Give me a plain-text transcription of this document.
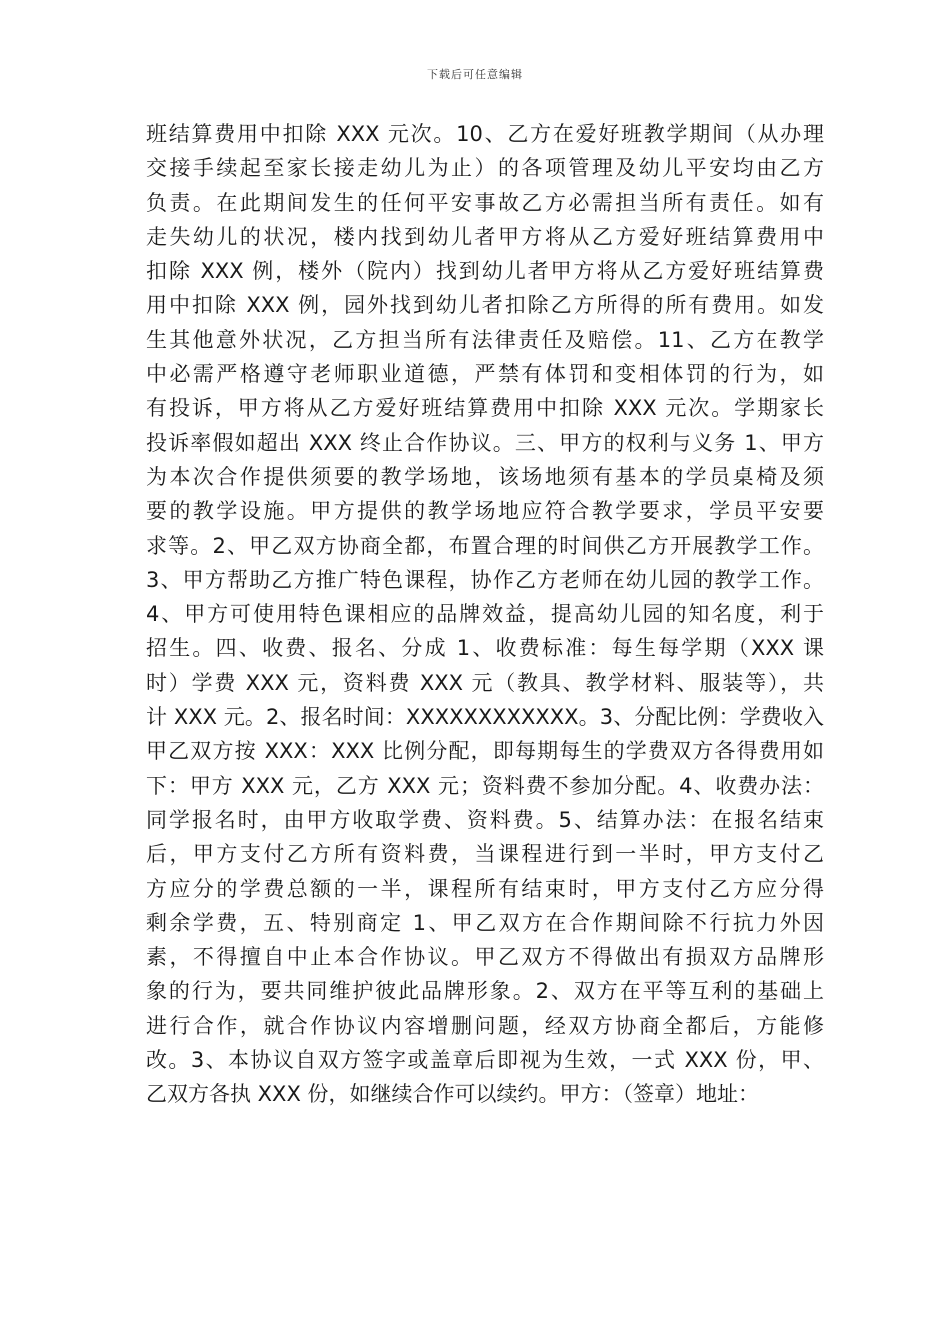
下载后可任意编辑
班结算费用中扣除 XXX 元次。10、乙方在爱好班教学期间（从办理
交接手续起至家长接走幼儿为止）的各项管理及幼儿平安均由乙方
负责。在此期间发生的任何平安事故乙方必需担当所有责任。如有
走失幼儿的状况，楼内找到幼儿者甲方将从乙方爱好班结算费用中
扣除 XXX 例，楼外（院内）找到幼儿者甲方将从乙方爱好班结算费
用中扣除 XXX 例，园外找到幼儿者扣除乙方所得的所有费用。如发
生其他意外状况，乙方担当所有法律责任及赔偿。11、乙方在教学
中必需严格遵守老师职业道德，严禁有体罚和变相体罚的行为，如
有投诉，甲方将从乙方爱好班结算费用中扣除 XXX 元次。学期家长
投诉率假如超出 XXX 终止合作协议。三、甲方的权利与义务 1、甲方
为本次合作提供须要的教学场地，该场地须有基本的学员桌椅及须
要的教学设施。甲方提供的教学场地应符合教学要求，学员平安要
求等。2、甲乙双方协商全都，布置合理的时间供乙方开展教学工作。
3、甲方帮助乙方推广特色课程，协作乙方老师在幼儿园的教学工作。
4、甲方可使用特色课相应的品牌效益，提高幼儿园的知名度，利于
招生。四、收费、报名、分成 1、收费标准：每生每学期（XXX 课
时）学费 XXX 元，资料费 XXX 元（教具、教学材料、服装等），共
计 XXX 元。2、报名时间：XXXXXXXXXXXX。3、分配比例：学费收入
甲乙双方按 XXX：XXX 比例分配，即每期每生的学费双方各得费用如
下：甲方 XXX 元，乙方 XXX 元；资料费不参加分配。4、收费办法：
同学报名时，由甲方收取学费、资料费。5、结算办法：在报名结束
后，甲方支付乙方所有资料费，当课程进行到一半时，甲方支付乙
方应分的学费总额的一半，课程所有结束时，甲方支付乙方应分得
剩余学费，五、特别商定 1、甲乙双方在合作期间除不行抗力外因
素，不得擅自中止本合作协议。甲乙双方不得做出有损双方品牌形
象的行为，要共同维护彼此品牌形象。2、双方在平等互利的基础上
进行合作，就合作协议内容增删问题，经双方协商全都后，方能修
改。3、本协议自双方签字或盖章后即视为生效，一式 XXX 份，甲、
乙双方各执 XXX 份，如继续合作可以续约。甲方：（签章）地址：
